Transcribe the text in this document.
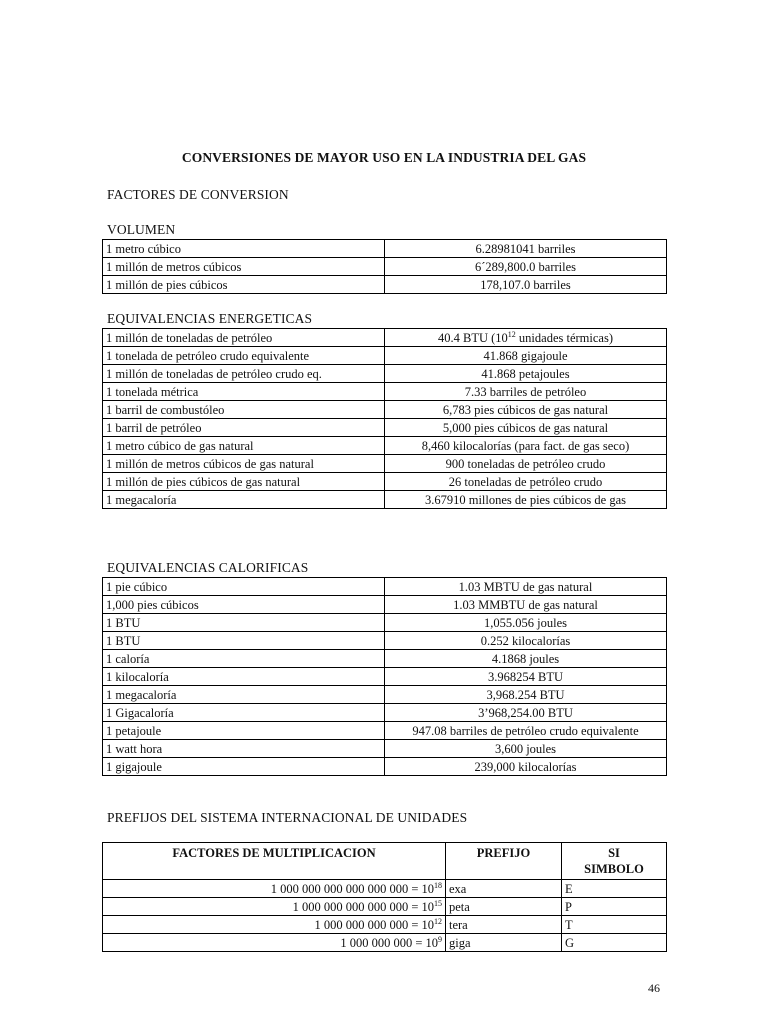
CONVERSIONES DE MAYOR USO EN LA INDUSTRIA DEL GAS
FACTORES DE CONVERSION
VOLUMEN
1 metro cúbico	6.28981041 barriles
1 millón de metros cúbicos	6´289,800.0 barriles
1 millón de pies cúbicos	178,107.0 barriles
EQUIVALENCIAS ENERGETICAS
1 millón de toneladas de petróleo	40.4 BTU ($10^{12}$ unidades térmicas)
1 tonelada de petróleo crudo equivalente	41.868 gigajoule
1 millón de toneladas de petróleo crudo eq.	41.868 petajoules
1 tonelada métrica	7.33 barriles de petróleo
1 barril de combustóleo	6,783 pies cúbicos de gas natural
1 barril de petróleo	5,000 pies cúbicos de gas natural
1 metro cúbico de gas natural	8,460 kilocalorías (para fact. de gas seco)
1 millón de metros cúbicos de gas natural	900 toneladas de petróleo crudo
1 millón de pies cúbicos de gas natural	26 toneladas de petróleo crudo
1 megacaloría	3.67910 millones de pies cúbicos de gas
EQUIVALENCIAS CALORIFICAS
1 pie cúbico	1.03 MBTU de gas natural
1,000 pies cúbicos	1.03 MMBTU de gas natural
1 BTU	1,055.056 joules
1 BTU	0.252 kilocalorías
1 caloría	4.1868 joules
1 kilocaloría	3.968254 BTU
1 megacaloría	3,968.254 BTU
1 Gigacaloría	3’968,254.00 BTU
1 petajoule	947.08 barriles de petróleo crudo equivalente
1 watt hora	3,600 joules
1 gigajoule	239,000 kilocalorías
PREFIJOS DEL SISTEMA INTERNACIONAL DE UNIDADES
FACTORES DE MULTIPLICACION	PREFIJO	SI
SIMBOLO
1 000 000 000 000 000 $000 = 10^{18}$	exa	E
1 000 000 000 000 $000 = 10^{15}$	peta	P
1 000 000 000 $000 = 10^{12}$	tera	T
1 000 000 $000 = 10^9$	giga	G
46
